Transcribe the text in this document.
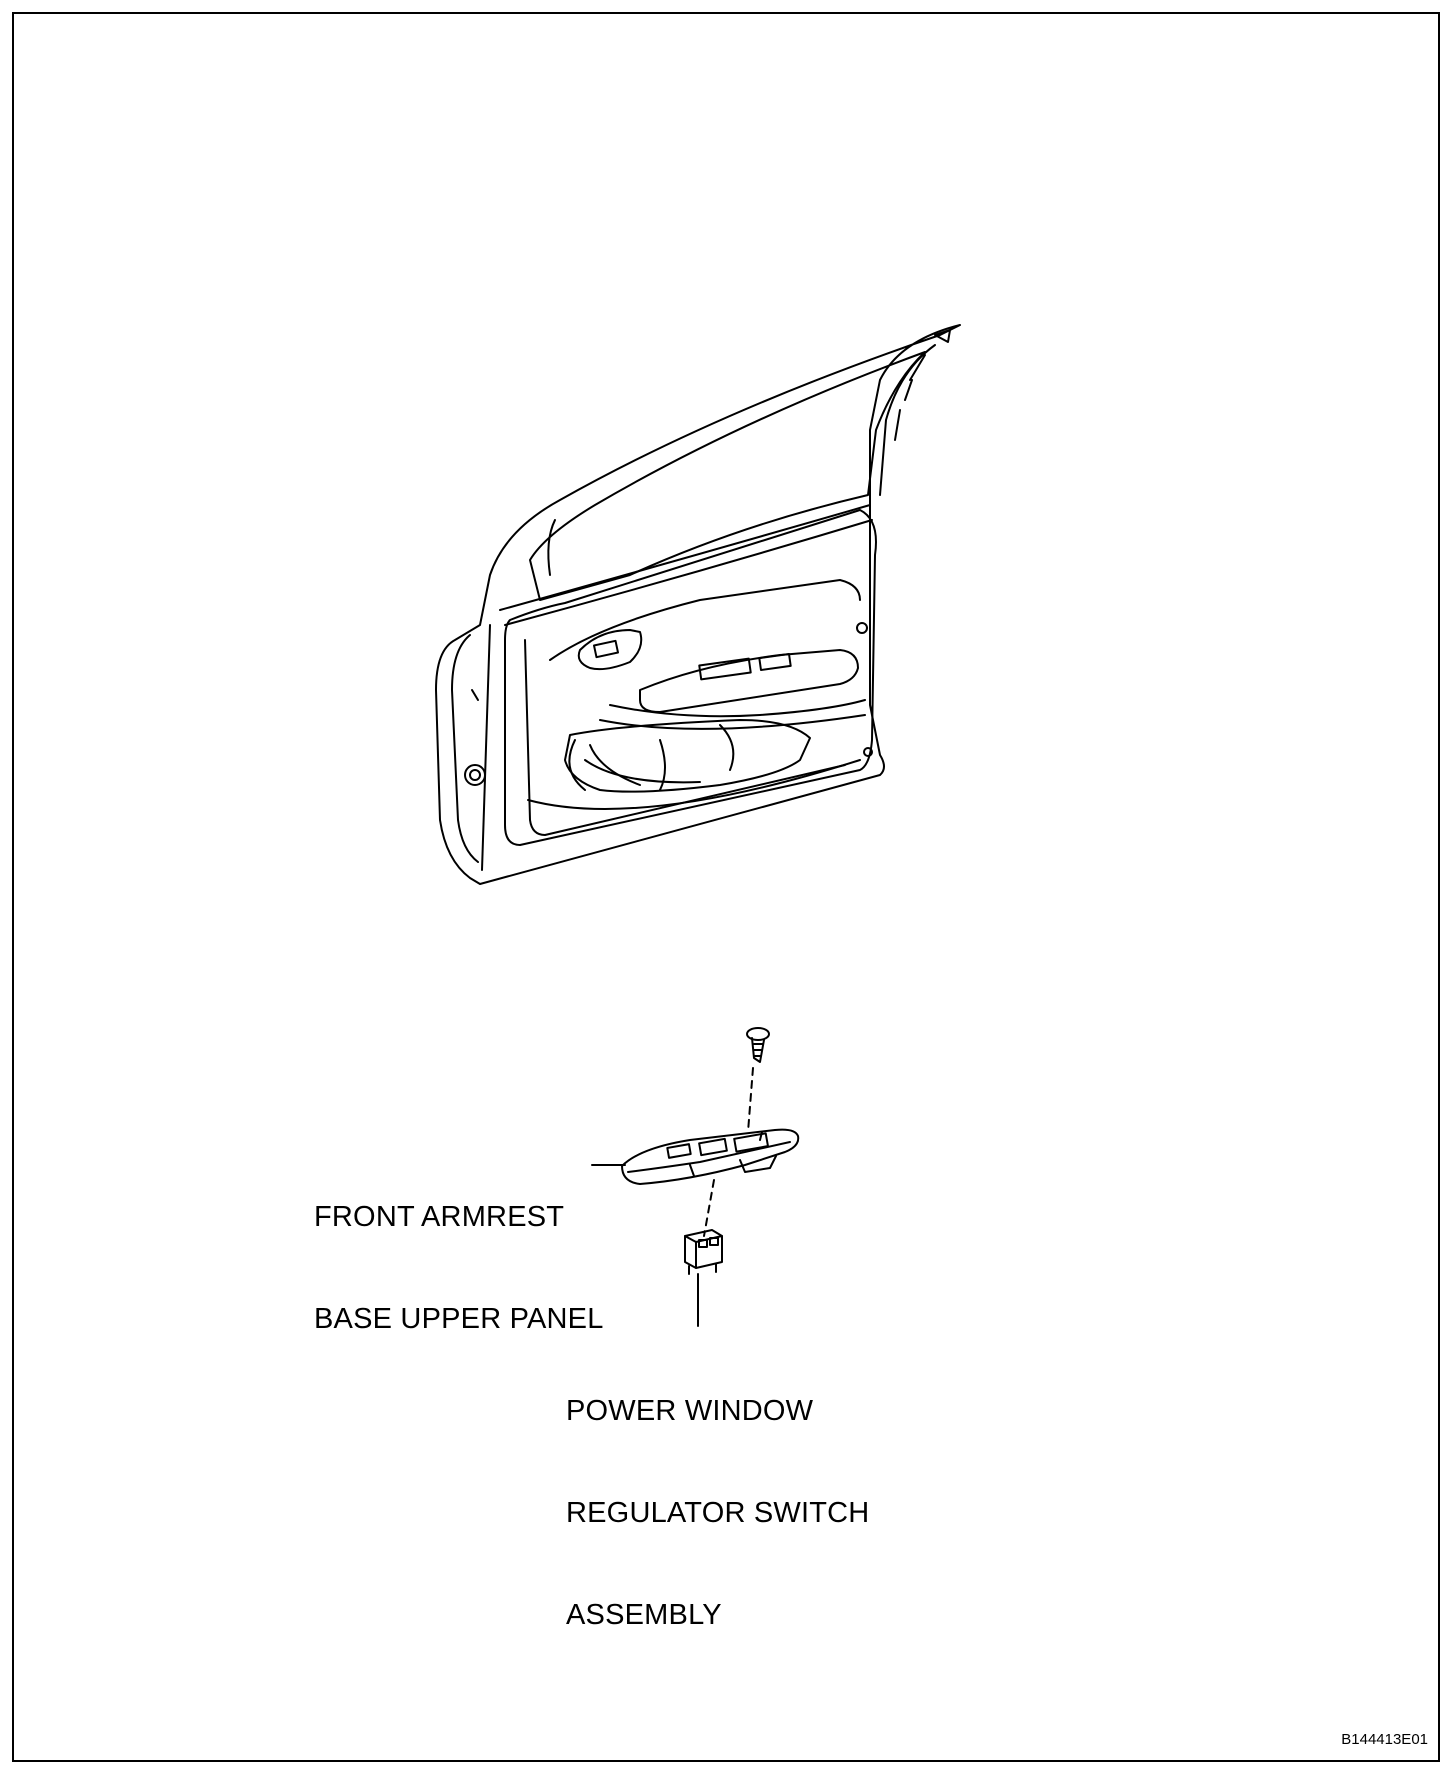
FRONT ARMREST

BASE UPPER PANEL

POWER WINDOW

REGULATOR SWITCH

ASSEMBLY

B144413E01
